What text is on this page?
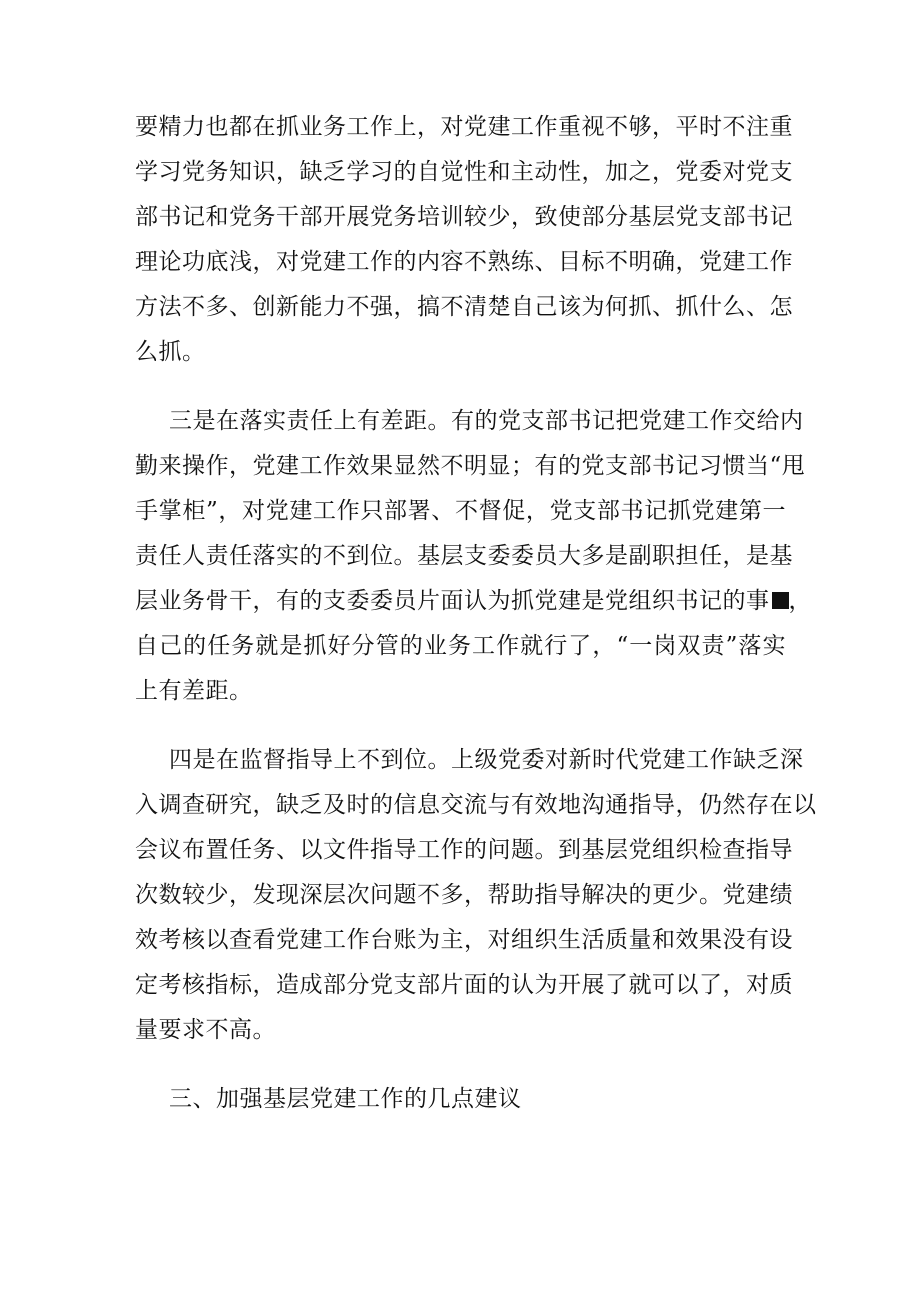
要精力也都在抓业务工作上，对党建工作重视不够，平时不注重
学习党务知识，缺乏学习的自觉性和主动性，加之，党委对党支
部书记和党务干部开展党务培训较少，致使部分基层党支部书记
理论功底浅，对党建工作的内容不熟练、目标不明确，党建工作
方法不多、创新能力不强，搞不清楚自己该为何抓、抓什么、怎
么抓。
三是在落实责任上有差距。有的党支部书记把党建工作交给内
勤来操作，党建工作效果显然不明显；有的党支部书记习惯当“甩
手掌柜”，对党建工作只部署、不督促，党支部书记抓党建第一
责任人责任落实的不到位。基层支委委员大多是副职担任，是基
层业务骨干，有的支委委员片面认为抓党建是党组织书记的事 ，
自己的任务就是抓好分管的业务工作就行了，“一岗双责”落实
上有差距。
四是在监督指导上不到位。上级党委对新时代党建工作缺乏深
入调查研究，缺乏及时的信息交流与有效地沟通指导，仍然存在以
会议布置任务、以文件指导工作的问题。到基层党组织检查指导
次数较少，发现深层次问题不多，帮助指导解决的更少。党建绩
效考核以查看党建工作台账为主，对组织生活质量和效果没有设
定考核指标，造成部分党支部片面的认为开展了就可以了，对质
量要求不高。
三、加强基层党建工作的几点建议
